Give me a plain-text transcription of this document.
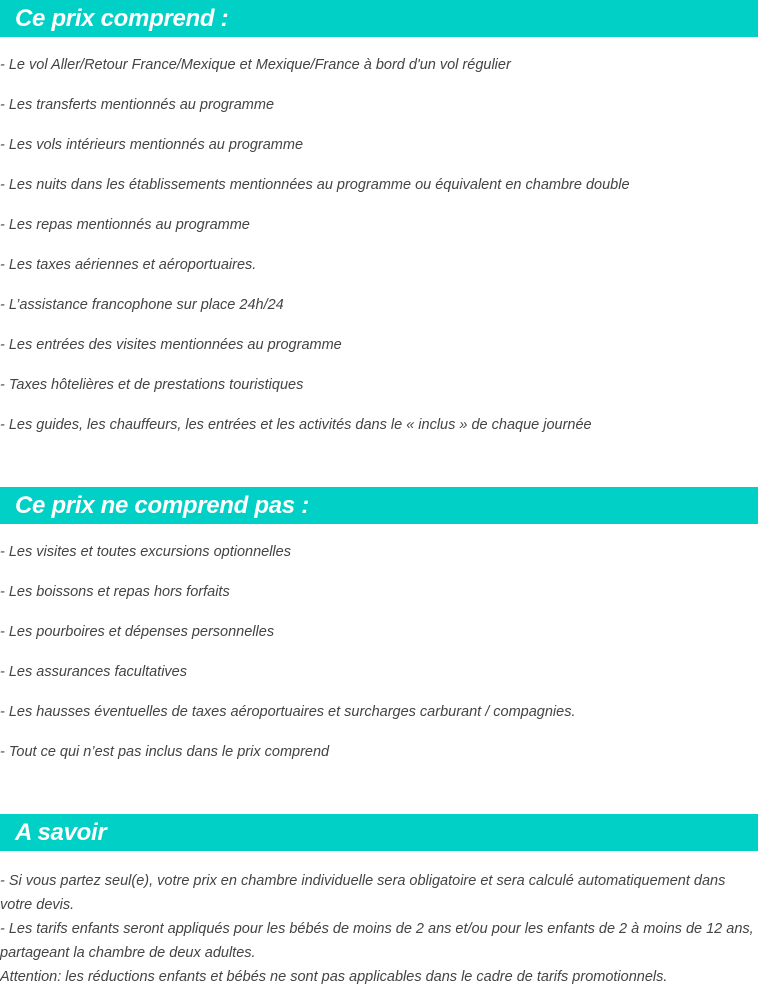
Ce prix comprend :
- Le vol Aller/Retour France/Mexique et Mexique/France à bord d'un vol régulier
- Les transferts mentionnés au programme
- Les vols intérieurs mentionnés au programme
- Les nuits dans les établissements mentionnées au programme ou équivalent en chambre double
- Les repas mentionnés au programme
- Les taxes aériennes et aéroportuaires.
- L’assistance francophone sur place 24h/24
- Les entrées des visites mentionnées au programme
- Taxes hôtelières et de prestations touristiques
- Les guides, les chauffeurs, les entrées et les activités dans le « inclus » de chaque journée
Ce prix ne comprend pas :
- Les visites et toutes excursions optionnelles
- Les boissons et repas hors forfaits
- Les pourboires et dépenses personnelles
- Les assurances facultatives
- Les hausses éventuelles de taxes aéroportuaires et surcharges carburant / compagnies.
- Tout ce qui n’est pas inclus dans le prix comprend
A savoir

- Si vous partez seul(e), votre prix en chambre individuelle sera obligatoire et sera calculé automatiquement dans votre devis.

- Les tarifs enfants seront appliqués pour les bébés de moins de 2 ans et/ou pour les enfants de 2 à moins de 12 ans, partageant la chambre de deux adultes.

Attention: les réductions enfants et bébés ne sont pas applicables dans le cadre de tarifs promotionnels.
